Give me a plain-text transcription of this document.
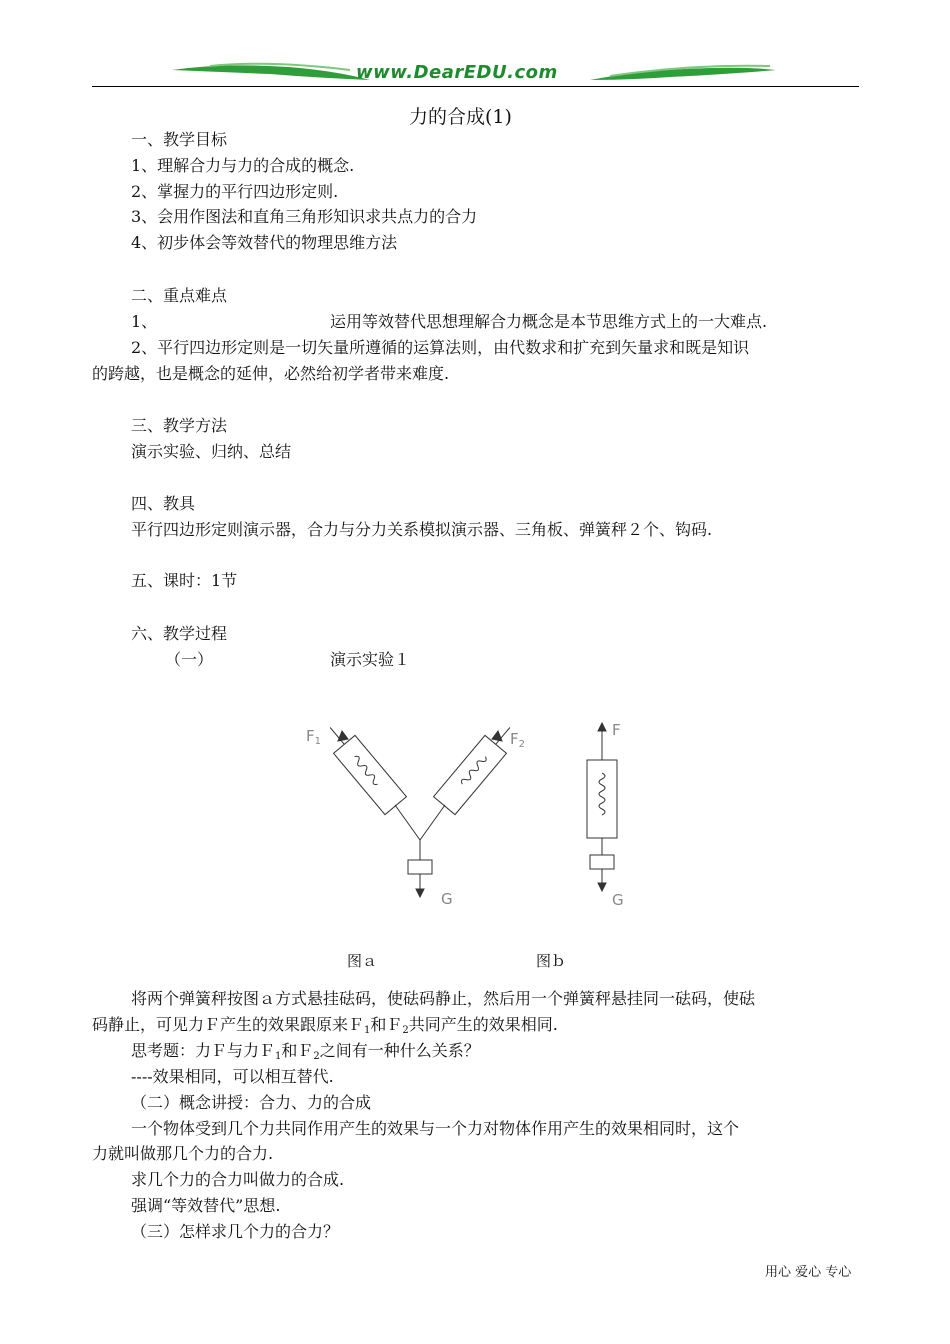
www.DearEDU.com
力的合成(1)
一、教学目标
1、理解合力与力的合成的概念.
2、掌握力的平行四边形定则.
3、会用作图法和直角三角形知识求共点力的合力
4、初步体会等效替代的物理思维方法
二、重点难点
1、	运用等效替代思想理解合力概念是本节思维方式上的一大难点.
2、平行四边形定则是一切矢量所遵循的运算法则，由代数求和扩充到矢量求和既是知识
的跨越，也是概念的延伸，必然给初学者带来难度.
三、教学方法
演示实验、归纳、总结
四、教具
平行四边形定则演示器，合力与分力关系模拟演示器、三角板、弹簧秤２个、钩码.
五、课时：1节
六、教学过程
（一）	演示实验１
$F_1$	$F_2$
F
G	G
图ａ	图ｂ
将两个弹簧秤按图ａ方式悬挂砝码，使砝码静止，然后用一个弹簧秤悬挂同一砝码，使砝
码静止，可见力Ｆ产生的效果跟原来Ｆ$_1$和Ｆ$_2$共同产生的效果相同.
思考题：力Ｆ与力Ｆ$_1$和Ｆ$_2$之间有一种什么关系？
----效果相同，可以相互替代.
（二）概念讲授：合力、力的合成
一个物体受到几个力共同作用产生的效果与一个力对物体作用产生的效果相同时，这个
力就叫做那几个力的合力.
求几个力的合力叫做力的合成.
强调“等效替代”思想.
（三）怎样求几个力的合力？
用心 爱心 专心
